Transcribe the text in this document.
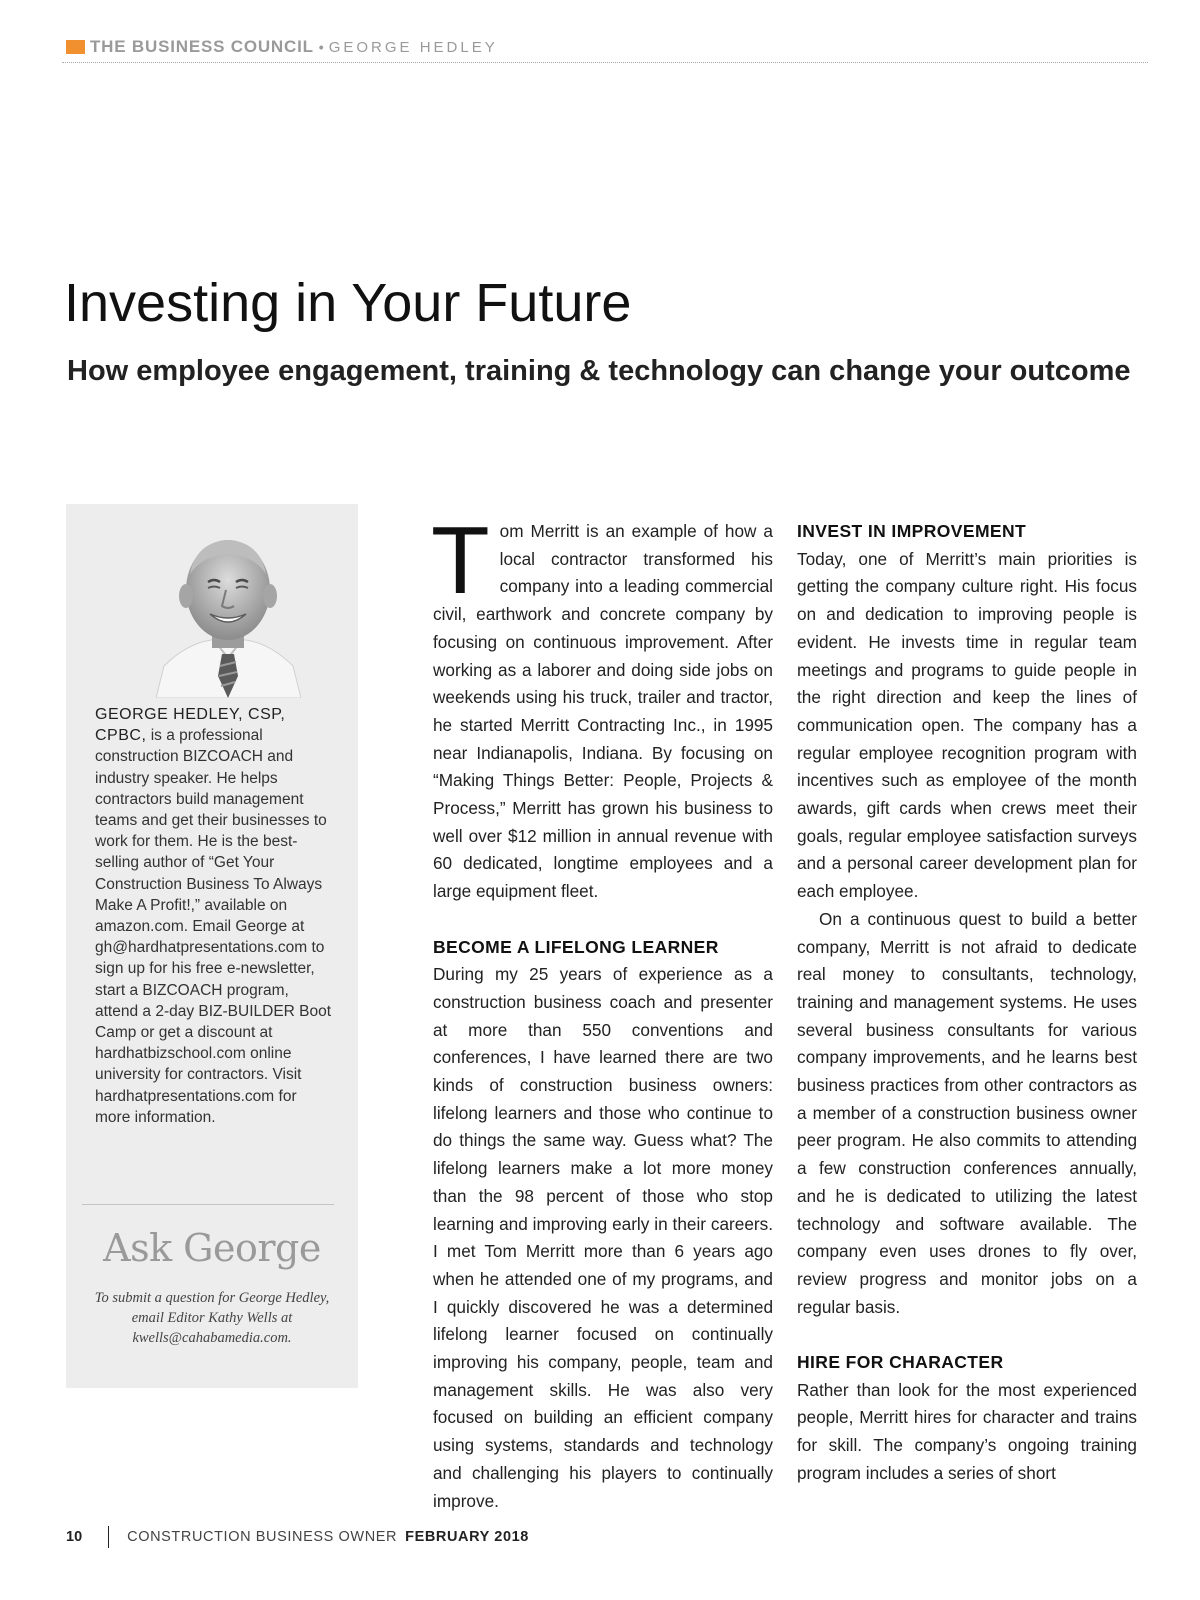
THE BUSINESS COUNCIL • GEORGE HEDLEY
Investing in Your Future
How employee engagement, training & technology can change your outcome
GEORGE HEDLEY, CSP, CPBC, is a professional construction BIZCOACH and industry speaker. He helps contractors build management teams and get their businesses to work for them. He is the best-selling author of “Get Your Construction Business To Always Make A Profit!,” available on amazon.com. Email George at gh@hardhatpresentations.com to sign up for his free e-newsletter, start a BIZCOACH program, attend a 2-day BIZ-BUILDER Boot Camp or get a discount at hardhatbizschool.com online university for contractors. Visit hardhatpresentations.com for more information.
Ask George
To submit a question for George Hedley, email Editor Kathy Wells at kwells@cahabamedia.com.

Tom Merritt is an example of how a local contractor transformed his company into a leading commercial civil, earthwork and concrete company by focusing on continuous improvement. After working as a laborer and doing side jobs on weekends using his truck, trailer and tractor, he started Merritt Contracting Inc., in 1995 near Indianapolis, Indiana. By focusing on “Making Things Better: People, Projects & Process,” Merritt has grown his business to well over $12 million in annual revenue with 60 dedicated, longtime employees and a large equipment fleet.

BECOME A LIFELONG LEARNER

During my 25 years of experience as a construction business coach and presenter at more than 550 conventions and conferences, I have learned there are two kinds of construction business owners: lifelong learners and those who continue to do things the same way. Guess what? The lifelong learners make a lot more money than the 98 percent of those who stop learning and improving early in their careers. I met Tom Merritt more than 6 years ago when he attended one of my programs, and I quickly discovered he was a determined lifelong learner focused on continually improving his company, people, team and management skills. He was also very focused on building an efficient company using systems, standards and technology and challenging his players to continually improve.

INVEST IN IMPROVEMENT

Today, one of Merritt’s main priorities is getting the company culture right. His focus on and dedication to improving people is evident. He invests time in regular team meetings and programs to guide people in the right direction and keep the lines of communication open. The company has a regular employee recognition program with incentives such as employee of the month awards, gift cards when crews meet their goals, regular employee satisfaction surveys and a personal career development plan for each employee.

On a continuous quest to build a better company, Merritt is not afraid to dedicate real money to consultants, technology, training and management systems. He uses several business consultants for various company improvements, and he learns best business practices from other contractors as a member of a construction business owner peer program. He also commits to attending a few construction conferences annually, and he is dedicated to utilizing the latest technology and software available. The company even uses drones to fly over, review progress and monitor jobs on a regular basis.

HIRE FOR CHARACTER

Rather than look for the most experienced people, Merritt hires for character and trains for skill. The company’s ongoing training program includes a series of short

10	CONSTRUCTION BUSINESS OWNER FEBRUARY 2018
